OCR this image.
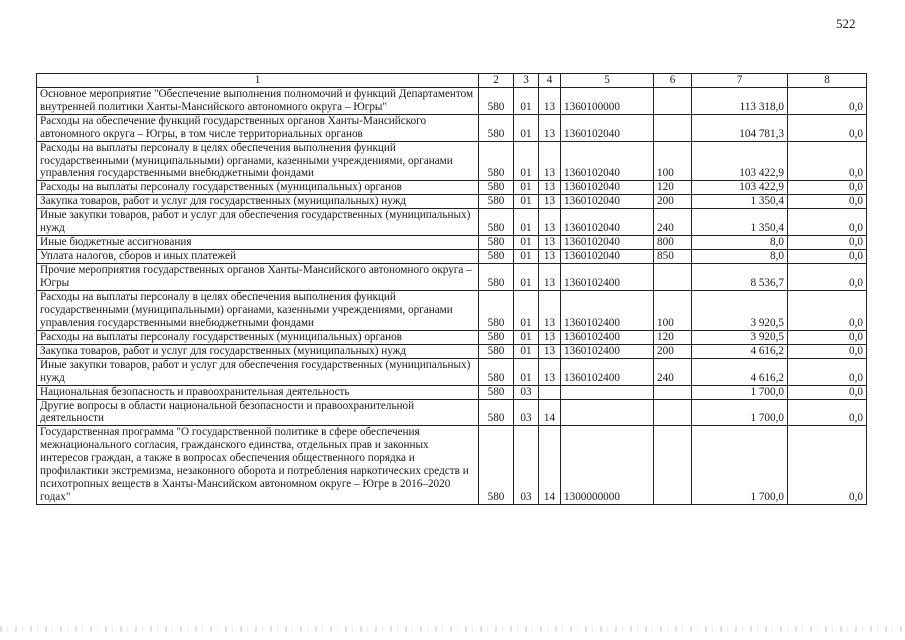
522
1	2	3	4	5	6	7	8
Основное мероприятие "Обеспечение выполнения полномочий и функций Департаментом внутренней политики Ханты-Мансийского автономного округа – Югры"	580	01	13	1360100000		113 318,0	0,0
Расходы на обеспечение функций государственных органов Ханты-Мансийского автономного округа – Югры, в том числе территориальных органов	580	01	13	1360102040		104 781,3	0,0
Расходы на выплаты персоналу в целях обеспечения выполнения функций государственными (муниципальными) органами, казенными учреждениями, органами управления государственными внебюджетными фондами	580	01	13	1360102040	100	103 422,9	0,0
Расходы на выплаты персоналу государственных (муниципальных) органов	580	01	13	1360102040	120	103 422,9	0,0
Закупка товаров, работ и услуг для государственных (муниципальных) нужд	580	01	13	1360102040	200	1 350,4	0,0
Иные закупки товаров, работ и услуг для обеспечения государственных (муниципальных) нужд	580	01	13	1360102040	240	1 350,4	0,0
Иные бюджетные ассигнования	580	01	13	1360102040	800	8,0	0,0
Уплата налогов, сборов и иных платежей	580	01	13	1360102040	850	8,0	0,0
Прочие мероприятия государственных органов Ханты-Мансийского автономного округа – Югры	580	01	13	1360102400		8 536,7	0,0
Расходы на выплаты персоналу в целях обеспечения выполнения функций государственными (муниципальными) органами, казенными учреждениями, органами управления государственными внебюджетными фондами	580	01	13	1360102400	100	3 920,5	0,0
Расходы на выплаты персоналу государственных (муниципальных) органов	580	01	13	1360102400	120	3 920,5	0,0
Закупка товаров, работ и услуг для государственных (муниципальных) нужд	580	01	13	1360102400	200	4 616,2	0,0
Иные закупки товаров, работ и услуг для обеспечения государственных (муниципальных) нужд	580	01	13	1360102400	240	4 616,2	0,0
Национальная безопасность и правоохранительная деятельность	580	03				1 700,0	0,0
Другие вопросы в области национальной безопасности и правоохранительной деятельности	580	03	14			1 700,0	0,0
Государственная программа "О государственной политике в сфере обеспечения межнационального согласия, гражданского единства, отдельных прав и законных интересов граждан, а также в вопросах обеспечения общественного порядка и профилактики экстремизма, незаконного оборота и потребления наркотических средств и психотропных веществ в Ханты-Мансийском автономном округе – Югре в 2016–2020 годах"	580	03	14	1300000000		1 700,0	0,0
